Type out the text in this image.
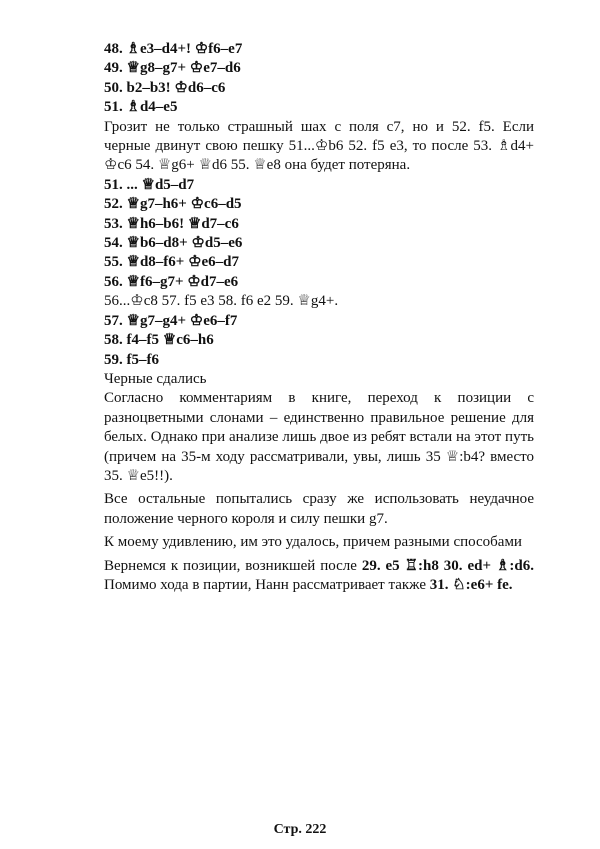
48. ♗e3–d4+! ♔f6–e7
49. ♕g8–g7+ ♔e7–d6
50. b2–b3! ♔d6–c6
51. ♗d4–e5

Грозит не только страшный шах с поля с7, но и 52. f5. Если черные двинут свою пешку 51...♔b6 52. f5 e3, то после 53. ♗d4+ ♔c6 54. ♕g6+ ♕d6 55. ♕e8 она будет потеряна.

51. ... ♕d5–d7
52. ♕g7–h6+ ♔c6–d5
53. ♕h6–b6! ♕d7–c6
54. ♕b6–d8+ ♔d5–e6
55. ♕d8–f6+ ♔e6–d7
56. ♕f6–g7+ ♔d7–e6
56...♔c8 57. f5 e3 58. f6 e2 59. ♕g4+.
57. ♕g7–g4+ ♔e6–f7
58. f4–f5 ♕c6–h6
59. f5–f6
Черные сдались

Согласно комментариям в книге, переход к позиции с разноцветными слонами – единственно правильное решение для белых. Однако при анализе лишь двое из ребят встали на этот путь (причем на 35-м ходу рассматривали, увы, лишь 35 ♕:b4? вместо 35. ♕e5!!).

Все остальные попытались сразу же использовать неудачное положение черного короля и силу пешки g7.

К моему удивлению, им это удалось, причем разными способами

Вернемся к позиции, возникшей после 29. e5 ♖:h8 30. ed+ ♗:d6. Помимо хода в партии, Нанн рассматривает также 31. ♘:e6+ fe.

Стр. 222
